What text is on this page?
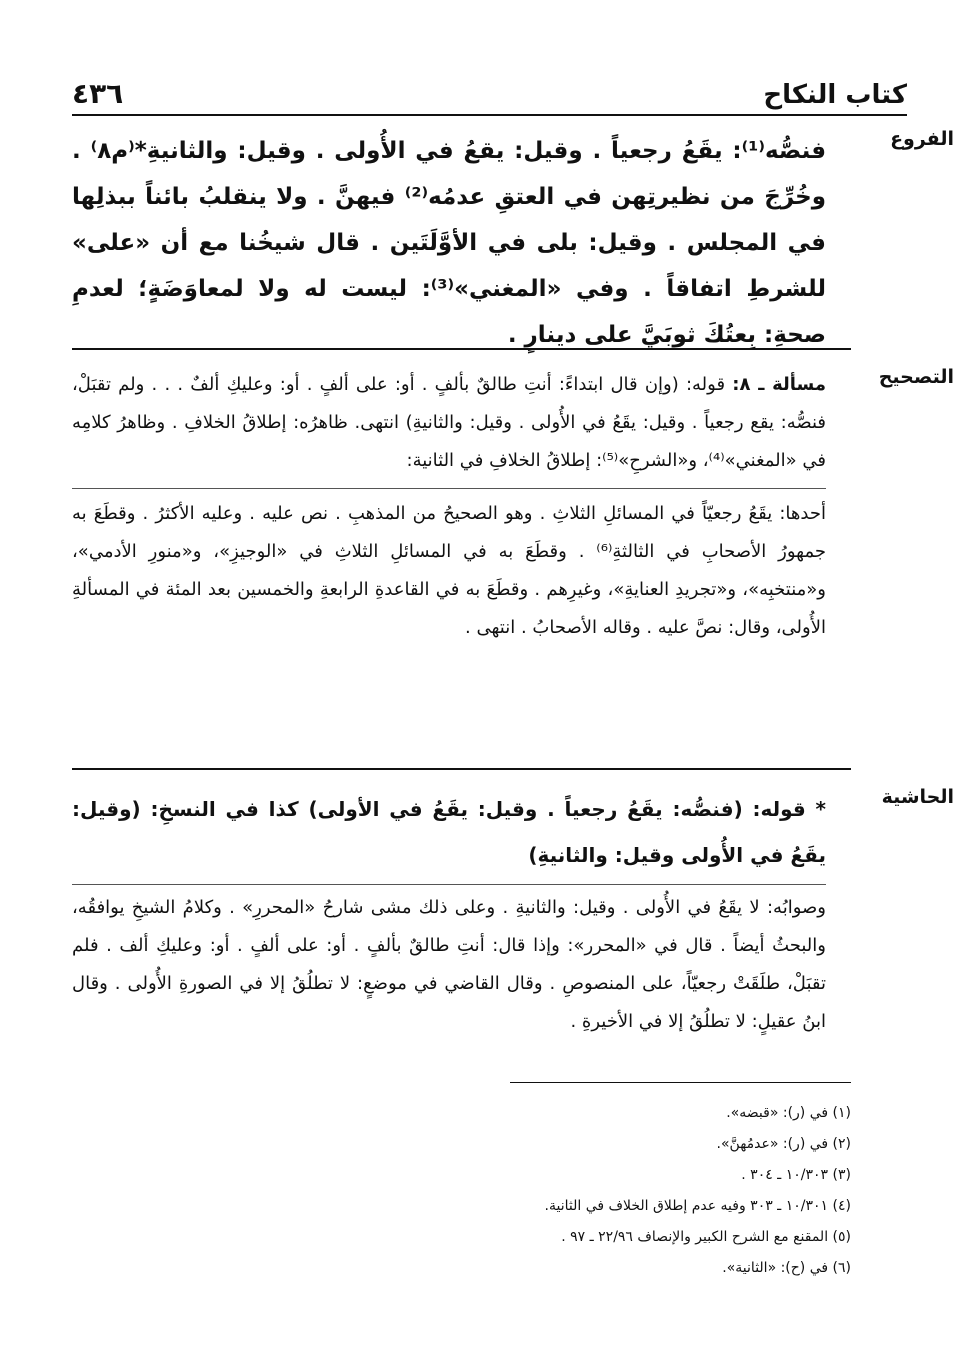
٤٣٦	كتاب النكاح
الفروع

فنصُّه⁽¹⁾: يقَعُ رجعياً . وقيل: يقعُ في الأُولى . وقيل: والثانيةِ*⁽م٨⁾ . وخُرِّجَ من نظيرتِهن في العتقِ عدمُه⁽²⁾ فيهنَّ . ولا ينقلبُ بائناً ببذلِها في المجلس . وقيل: بلى في الأوَّلَتَين . قال شيخُنا مع أن «على» للشرطِ اتفاقاً . وفي «المغني»⁽³⁾: ليست له ولا لمعاوَضَةٍ؛ لعدمِ صحةِ: بِعتُكَ ثوبَيَّ على دينارٍ .

التصحيح

مسألة ـ ٨: قوله: (وإن قال ابتداءً: أنتِ طالقٌ بألفٍ . أو: على ألفٍ . أو: وعليكِ ألفٌ . . . ولم تقبَلْ، فنصُّه: يقع رجعياً . وقيل: يقَعُ في الأُولى . وقيل: والثانيةِ) انتهى. ظاهرُه: إطلاقُ الخلافِ . وظاهرُ كلامِه في «المغني»⁽⁴⁾، و«الشرحِ»⁽⁵⁾: إطلاقُ الخلافِ في الثانية:

أحدها: يقَعُ رجعيّاً في المسائلِ الثلاثِ . وهو الصحيحُ من المذهبِ . نص عليه . وعليه الأكثرُ . وقطَعَ به جمهورُ الأصحابِ في الثالثةِ⁽⁶⁾ . وقطَعَ به في المسائلِ الثلاثِ في «الوجيزِ»، و«منورِ الأدمي»، و«منتخبِه»، و«تجريدِ العنايةِ»، وغيرِهم . وقطَعَ به في القاعدةِ الرابعةِ والخمسين بعد المئة في المسألةِ الأُولى، وقال: نصَّ عليه . وقاله الأصحابُ . انتهى .

الحاشية

* قوله: (فنصُّه: يقَعُ رجعياً . وقيل: يقَعُ في الأولى) كذا في النسخِ: (وقيل: يقَعُ في الأُولى وقيل: والثانيةِ)

وصوابُه: لا يقَعُ في الأُولى . وقيل: والثانيةِ . وعلى ذلك مشى شارحُ «المحررِ» . وكلامُ الشيخِ يوافقُه، والبحثُ أيضاً . قال في «المحرر»: وإذا قال: أنتِ طالقٌ بألفٍ . أو: على ألفٍ . أو: وعليكِ ألف . فلم تقبَلْ، طلَقَتْ رجعيّاً، على المنصوصِ . وقال القاضي في موضعٍ: لا تطلُقُ إلا في الصورةِ الأُولى . وقال ابنُ عقيلٍ: لا تطلُقُ إلا في الأخيرةِ .

(١) في (ر): «قبضه».
(٢) في (ر): «عدمُهنَّ».
(٣) ١٠/٣٠٣ ـ ٣٠٤ .
(٤) ١٠/٣٠١ ـ ٣٠٣ وفيه عدم إطلاق الخلاف في الثانية.
(٥) المقنع مع الشرح الكبير والإنصاف ٢٢/٩٦ ـ ٩٧ .
(٦) في (ح): «الثانية».
